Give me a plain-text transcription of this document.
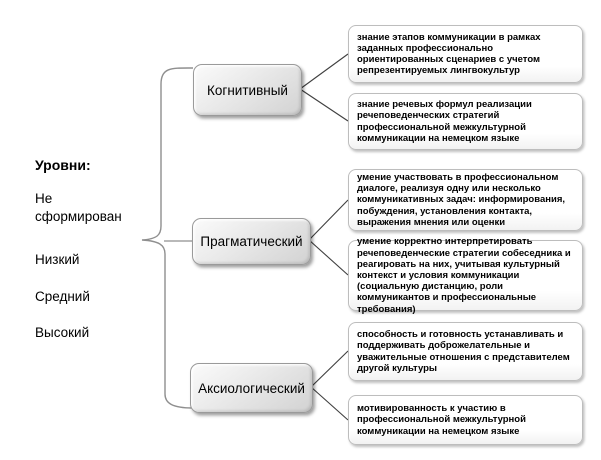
Уровни:
Не сформирован
Низкий
Средний
Высокий
Когнитивный
Прагматический
Аксиологический
знание этапов коммуникации в рамках заданных профессионально ориентированных сценариев с учетом репрезентируемых лингвокультур
знание речевых формул реализации речеповеденческих стратегий профессиональной межкультурной коммуникации на немецком языке
умение участвовать в профессиональном диалоге, реализуя одну или несколько коммуникативных задач: информирования, побуждения, установления контакта, выражения мнения или оценки
умение корректно интерпретировать речеповеденческие стратегии собеседника и реагировать на них, учитывая культурный контекст и условия коммуникации (социальную дистанцию, роли коммуникантов и профессиональные требования)
способность и готовность устанавливать и поддерживать доброжелательные и уважительные отношения с представителем другой культуры
мотивированность к участию в профессиональной межкультурной коммуникации на немецком языке
